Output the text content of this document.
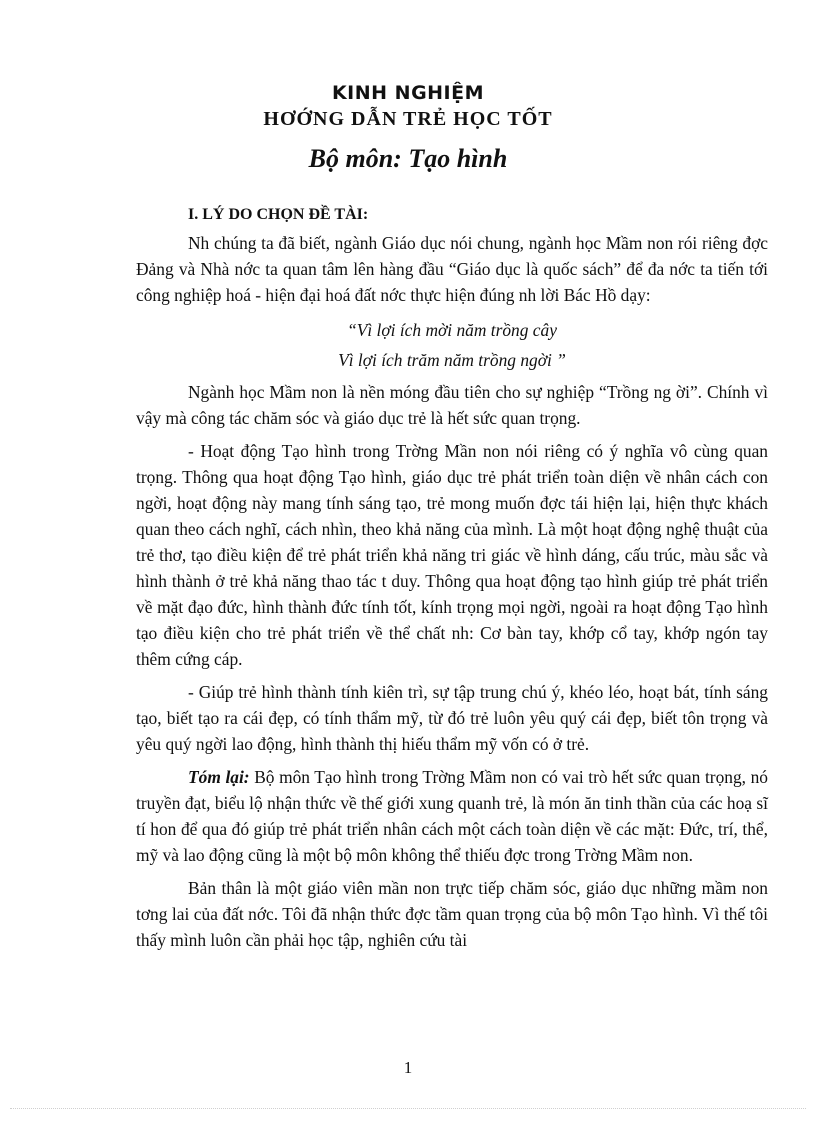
KINH NGHIỆM
HƠỚNG DẪN TRẺ HỌC TỐT
Bộ môn: Tạo hình
I. LÝ DO CHỌN ĐỀ TÀI:

Nh chúng ta đã biết, ngành Giáo dục nói chung, ngành học Mầm non rói riêng đợc Đảng và Nhà nớc ta quan tâm lên hàng đầu “Giáo dục là quốc sách” để đa nớc ta tiến tới công nghiệp hoá - hiện đại hoá đất nớc thực hiện đúng nh lời Bác Hồ dạy:

“Vì lợi ích mời năm trồng cây

Vì lợi ích trăm năm trồng ngời ”

Ngành học Mầm non là nền móng đầu tiên cho sự nghiệp “Trồng ng ời”. Chính vì vậy mà công tác chăm sóc và giáo dục trẻ là hết sức quan trọng.

- Hoạt động Tạo hình trong Trờng Mần non nói riêng có ý nghĩa vô cùng quan trọng. Thông qua hoạt động Tạo hình, giáo dục trẻ phát triển toàn diện về nhân cách con ngời, hoạt động này mang tính sáng tạo, trẻ mong muốn đợc tái hiện lại, hiện thực khách quan theo cách nghĩ, cách nhìn, theo khả năng của mình. Là một hoạt động nghệ thuật của trẻ thơ, tạo điều kiện để trẻ phát triển khả năng tri giác về hình dáng, cấu trúc, màu sắc và hình thành ở trẻ khả năng thao tác t duy. Thông qua hoạt động tạo hình giúp trẻ phát triển về mặt đạo đức, hình thành đức tính tốt, kính trọng mọi ngời, ngoài ra hoạt động Tạo hình tạo điều kiện cho trẻ phát triển về thể chất nh: Cơ bàn tay, khớp cổ tay, khớp ngón tay thêm cứng cáp.

- Giúp trẻ hình thành tính kiên trì, sự tập trung chú ý, khéo léo, hoạt bát, tính sáng tạo, biết tạo ra cái đẹp, có tính thẩm mỹ, từ đó trẻ luôn yêu quý cái đẹp, biết tôn trọng và yêu quý ngời lao động, hình thành thị hiếu thẩm mỹ vốn có ở trẻ.

Tóm lại: Bộ môn Tạo hình trong Trờng Mầm non có vai trò hết sức quan trọng, nó truyền đạt, biểu lộ nhận thức về thế giới xung quanh trẻ, là món ăn tinh thần của các hoạ sĩ tí hon để qua đó giúp trẻ phát triển nhân cách một cách toàn diện về các mặt: Đức, trí, thể, mỹ và lao động cũng là một bộ môn không thể thiếu đợc trong Trờng Mầm non.

Bản thân là một giáo viên mần non trực tiếp chăm sóc, giáo dục những mầm non tơng lai của đất nớc. Tôi đã nhận thức đợc tầm quan trọng của bộ môn Tạo hình. Vì thế tôi thấy mình luôn cần phải học tập, nghiên cứu tài

1
